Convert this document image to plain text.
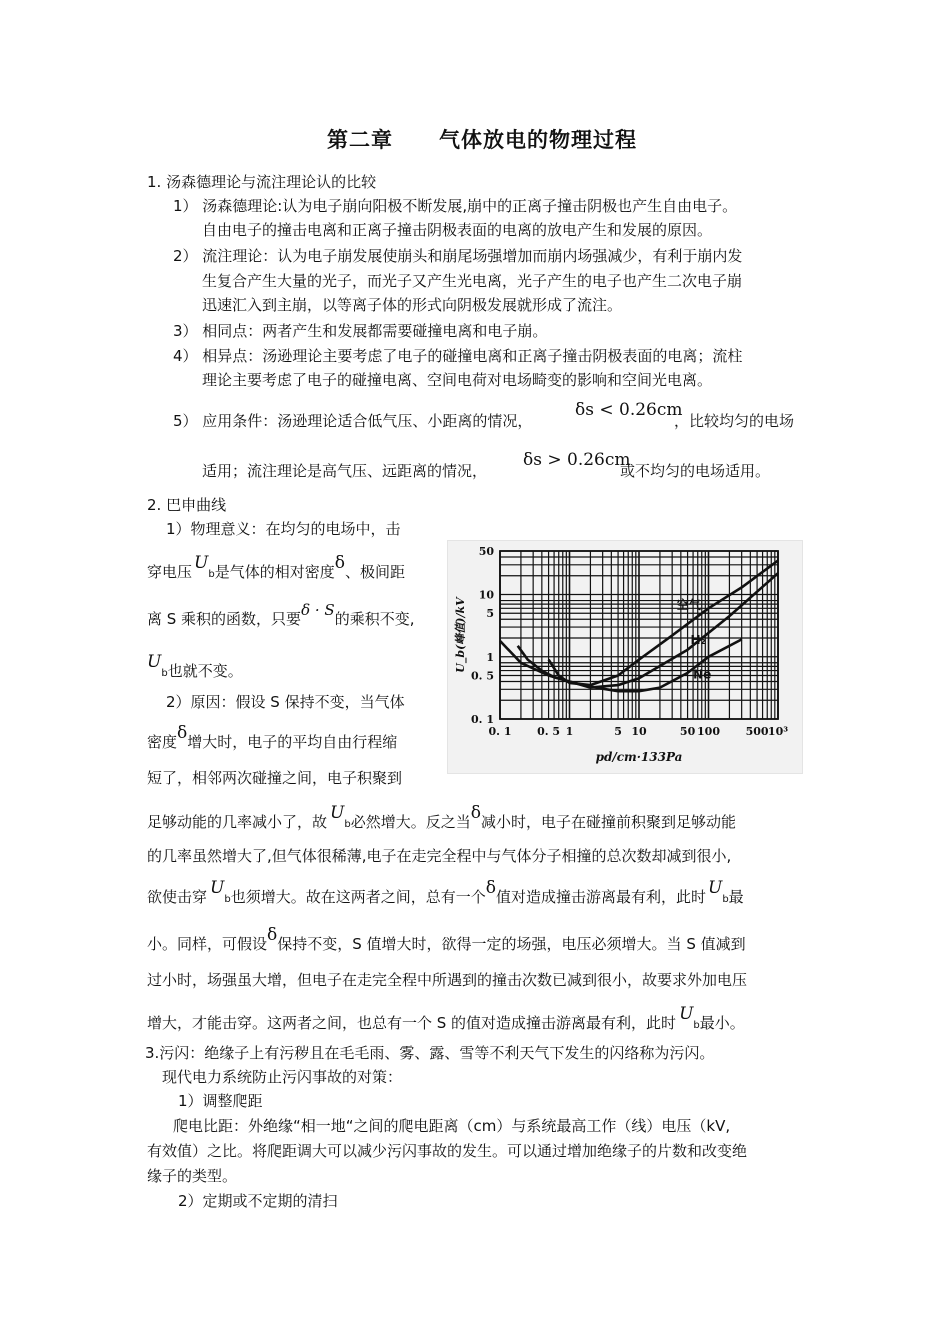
第二章 气体放电的物理过程
1. 汤森德理论与流注理论认的比较
1） 汤森德理论:认为电子崩向阳极不断发展,崩中的正离子撞击阴极也产生自由电子。
自由电子的撞击电离和正离子撞击阴极表面的电离的放电产生和发展的原因。
2） 流注理论：认为电子崩发展使崩头和崩尾场强增加而崩内场强减少，有利于崩内发
生复合产生大量的光子，而光子又产生光电离，光子产生的电子也产生二次电子崩
迅速汇入到主崩，以等离子体的形式向阴极发展就形成了流注。
3） 相同点：两者产生和发展都需要碰撞电离和电子崩。
4） 相异点：汤逊理论主要考虑了电子的碰撞电离和正离子撞击阴极表面的电离；流柱
理论主要考虑了电子的碰撞电离、空间电荷对电场畸变的影响和空间光电离。
5） 应用条件：汤逊理论适合低气压、小距离的情况，
δs < 0.26cm
，比较均匀的电场
适用；流注理论是高气压、远距离的情况，
δs > 0.26cm
或不均匀的电场适用。
2. 巴申曲线
1）物理意义：在均匀的电场中，击
穿电压 Ub是气体的相对密度δ、极间距
离 S 乘积的函数，只要δ · S的乘积不变,
Ub也就不变。
2）原因：假设 S 保持不变，当气体
密度δ增大时，电子的平均自由行程缩
短了，相邻两次碰撞之间，电子积聚到
足够动能的几率减小了，故 Ub必然增大。反之当δ减小时，电子在碰撞前积聚到足够动能
的几率虽然增大了,但气体很稀薄,电子在走完全程中与气体分子相撞的总次数却减到很小,
欲使击穿 Ub也须增大。故在这两者之间，总有一个δ值对造成撞击游离最有利，此时 Ub最
小。同样，可假设δ保持不变，S 值增大时，欲得一定的场强，电压必须增大。当 S 值减到
过小时，场强虽大增，但电子在走完全程中所遇到的撞击次数已减到很小，故要求外加电压
增大，才能击穿。这两者之间，也总有一个 S 的值对造成撞击游离最有利，此时 Ub最小。
3.污闪：绝缘子上有污秽且在毛毛雨、雾、露、雪等不利天气下发生的闪络称为污闪。
现代电力系统防止污闪事故的对策：
1）调整爬距
爬电比距：外绝缘“相一地“之间的爬电距离（cm）与系统最高工作（线）电压（kV,
有效值）之比。将爬距调大可以减少污闪事故的发生。可以通过增加绝缘子的片数和改变绝
缘子的类型。
2）定期或不定期的清扫
0. 1 0. 5 1	5 10	50 100 500 10³
50
10
5
1
0. 5
0. 1
空气
H₂
Ne
pd/cm·133Pa
U_b(峰值)/kV
